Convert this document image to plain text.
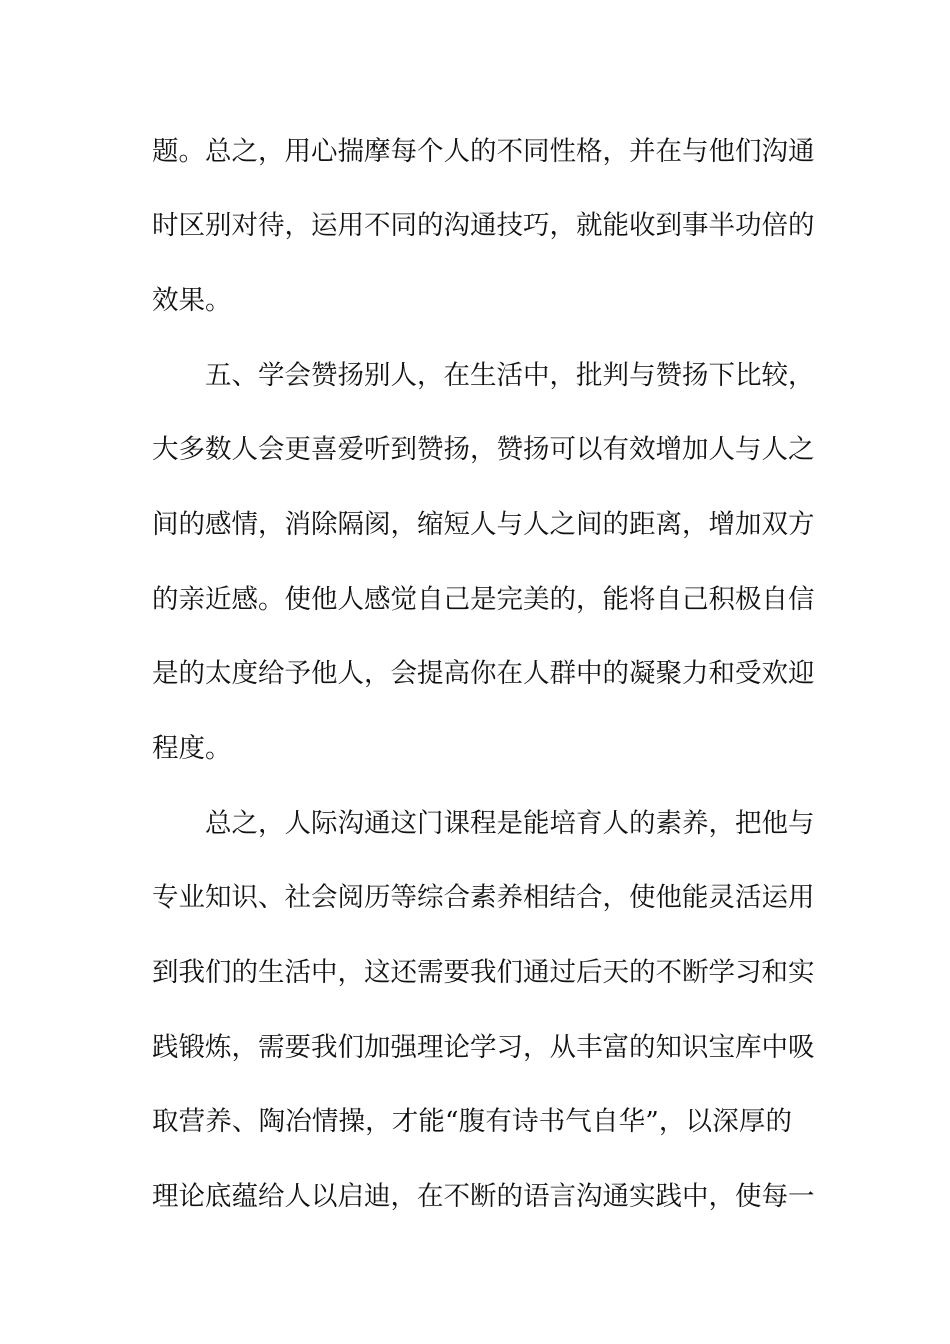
题。总之，用心揣摩每个人的不同性格，并在与他们沟通
时区别对待，运用不同的沟通技巧，就能收到事半功倍的
效果。
五、学会赞扬别人，在生活中，批判与赞扬下比较，
大多数人会更喜爱听到赞扬，赞扬可以有效增加人与人之
间的感情，消除隔阂，缩短人与人之间的距离，增加双方
的亲近感。使他人感觉自己是完美的，能将自己积极自信
是的太度给予他人，会提高你在人群中的凝聚力和受欢迎
程度。
总之，人际沟通这门课程是能培育人的素养，把他与
专业知识、社会阅历等综合素养相结合，使他能灵活运用
到我们的生活中，这还需要我们通过后天的不断学习和实
践锻炼，需要我们加强理论学习，从丰富的知识宝库中吸
取营养、陶冶情操，才能“腹有诗书气自华”，以深厚的
理论底蕴给人以启迪，在不断的语言沟通实践中，使每一
